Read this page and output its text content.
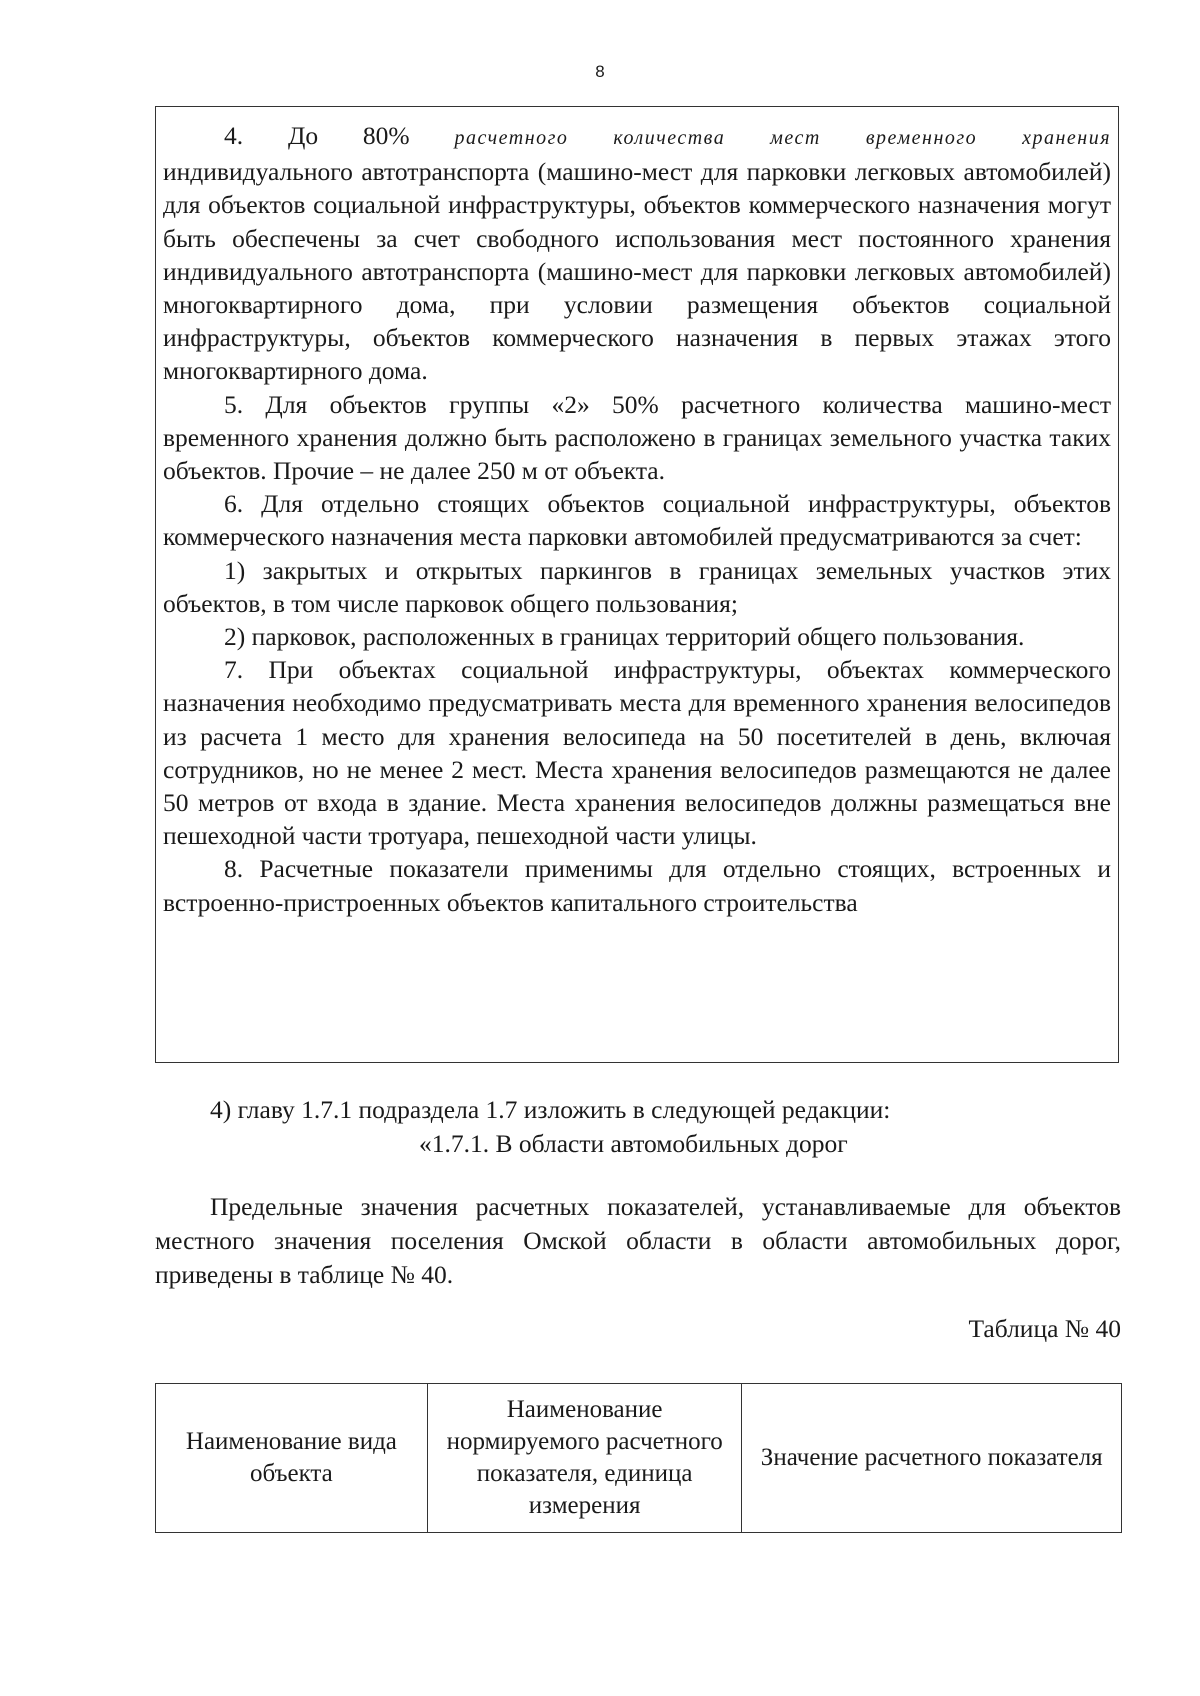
8

4. До 80% расчетного количества мест временного хранения

индивидуального автотранспорта (машино-мест для парковки легковых автомобилей) для объектов социальной инфраструктуры, объектов коммерческого назначения могут быть обеспечены за счет свободного использования мест постоянного хранения индивидуального автотранспорта (машино-мест для парковки легковых автомобилей) многоквартирного дома, при условии размещения объектов социальной инфраструктуры, объектов коммерческого назначения в первых этажах этого многоквартирного дома.

5. Для объектов группы «2» 50% расчетного количества машино-мест временного хранения должно быть расположено в границах земельного участка таких объектов. Прочие – не далее 250 м от объекта.

6. Для отдельно стоящих объектов социальной инфраструктуры, объектов коммерческого назначения места парковки автомобилей предусматриваются за счет:

1) закрытых и открытых паркингов в границах земельных участков этих объектов, в том числе парковок общего пользования;

2) парковок, расположенных в границах территорий общего пользования.

7. При объектах социальной инфраструктуры, объектах коммерческого назначения необходимо предусматривать места для временного хранения велосипедов из расчета 1 место для хранения велосипеда на 50 посетителей в день, включая сотрудников, но не менее 2 мест. Места хранения велосипедов размещаются не далее 50 метров от входа в здание. Места хранения велосипедов должны размещаться вне пешеходной части тротуара, пешеходной части улицы.

8. Расчетные показатели применимы для отдельно стоящих, встроенных и встроенно-пристроенных объектов капитального строительства

4) главу 1.7.1 подраздела 1.7 изложить в следующей редакции:

«1.7.1. В области автомобильных дорог

Предельные значения расчетных показателей, устанавливаемые для объектов местного значения поселения Омской области в области автомобильных дорог, приведены в таблице № 40.

Таблица № 40

Наименование вида объекта	Наименование нормируемого расчетного показателя, единица измерения	Значение расчетного показателя
